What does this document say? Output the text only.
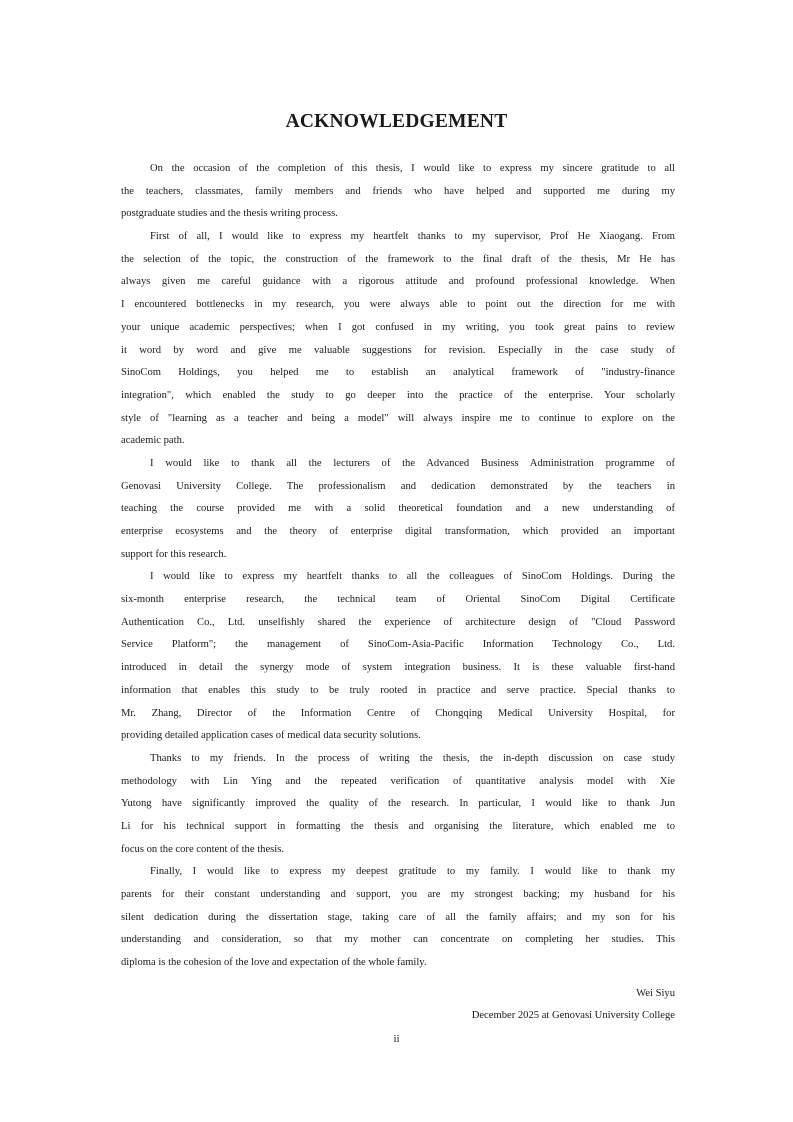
ACKNOWLEDGEMENT
On the occasion of the completion of this thesis, I would like to express my sincere gratitude to all
the teachers, classmates, family members and friends who have helped and supported me during my
postgraduate studies and the thesis writing process.
First of all, I would like to express my heartfelt thanks to my supervisor, Prof He Xiaogang. From
the selection of the topic, the construction of the framework to the final draft of the thesis, Mr He has
always given me careful guidance with a rigorous attitude and profound professional knowledge. When
I encountered bottlenecks in my research, you were always able to point out the direction for me with
your unique academic perspectives; when I got confused in my writing, you took great pains to review
it word by word and give me valuable suggestions for revision. Especially in the case study of
SinoCom Holdings, you helped me to establish an analytical framework of "industry-finance
integration", which enabled the study to go deeper into the practice of the enterprise. Your scholarly
style of "learning as a teacher and being a model" will always inspire me to continue to explore on the
academic path.
I would like to thank all the lecturers of the Advanced Business Administration programme of
Genovasi University College. The professionalism and dedication demonstrated by the teachers in
teaching the course provided me with a solid theoretical foundation and a new understanding of
enterprise ecosystems and the theory of enterprise digital transformation, which provided an important
support for this research.
I would like to express my heartfelt thanks to all the colleagues of SinoCom Holdings. During the
six-month enterprise research, the technical team of Oriental SinoCom Digital Certificate
Authentication Co., Ltd. unselfishly shared the experience of architecture design of "Cloud Password
Service Platform"; the management of SinoCom-Asia-Pacific Information Technology Co., Ltd.
introduced in detail the synergy mode of system integration business. It is these valuable first-hand
information that enables this study to be truly rooted in practice and serve practice. Special thanks to
Mr. Zhang, Director of the Information Centre of Chongqing Medical University Hospital, for
providing detailed application cases of medical data security solutions.
Thanks to my friends. In the process of writing the thesis, the in-depth discussion on case study
methodology with Lin Ying and the repeated verification of quantitative analysis model with Xie
Yutong have significantly improved the quality of the research. In particular, I would like to thank Jun
Li for his technical support in formatting the thesis and organising the literature, which enabled me to
focus on the core content of the thesis.
Finally, I would like to express my deepest gratitude to my family. I would like to thank my
parents for their constant understanding and support, you are my strongest backing; my husband for his
silent dedication during the dissertation stage, taking care of all the family affairs; and my son for his
understanding and consideration, so that my mother can concentrate on completing her studies. This
diploma is the cohesion of the love and expectation of the whole family.
Wei Siyu
December 2025 at Genovasi University College
ii
